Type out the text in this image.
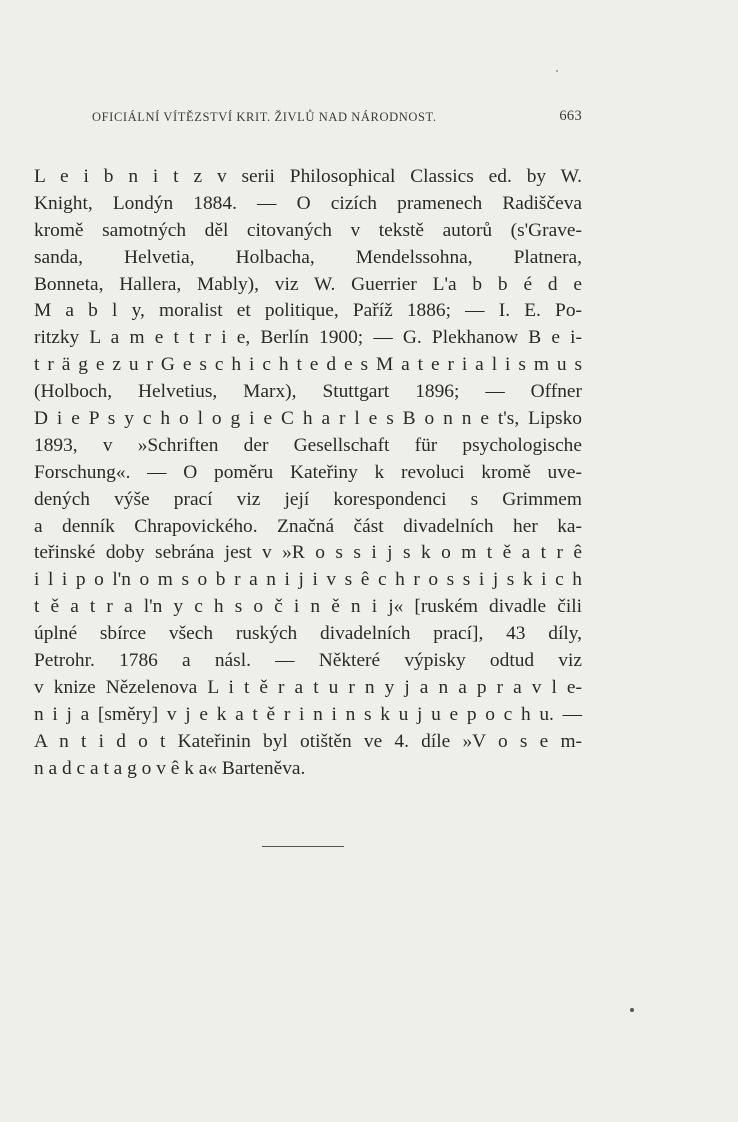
OFICIÁLNÍ VÍTĚZSTVÍ KRIT. ŽIVLŮ NAD NÁRODNOST.	663
L e i b n i t z v serii Philosophical Classics ed. by W.
Knight, Londýn 1884. — O cizích pramenech Radiščeva
kromě samotných děl citovaných v tekstě autorů (s'Grave-
sanda, Helvetia, Holbacha, Mendelssohna, Platnera,
Bonneta, Hallera, Mably), viz W. Guerrier L'a b b é d e
M a b l y, moralist et politique, Paříž 1886; — I. E. Po-
ritzky L a m e t t r i e, Berlín 1900; — G. Plekhanow B e i-
t r ä g e z u r G e s c h i c h t e d e s M a t e r i a l i s m u s
(Holboch, Helvetius, Marx), Stuttgart 1896; — Offner
D i e P s y c h o l o g i e C h a r l e s B o n n e t's, Lipsko
1893, v »Schriften der Gesellschaft für psychologische
Forschung«. — O poměru Kateřiny k revoluci kromě uve-
dených výše prací viz její korespondenci s Grimmem
a denník Chrapovického. Značná část divadelních her ka-
teřinské doby sebrána jest v »R o s s i j s k o m t ě a t r ê
i l i p o l'n o m s o b r a n i j i v s ê c h r o s s i j s k i c h
t ě a t r a l'n y c h s o č i n ě n i j« [ruském divadle čili
úplné sbírce všech ruských divadelních prací], 43 díly,
Petrohr. 1786 a násl. — Některé výpisky odtud viz
v knize Nězelenova L i t ě r a t u r n y j a n a p r a v l e-
n i j a [směry] v j e k a t ě r i n i n s k u j u e p o c h u. —
A n t i d o t Kateřinin byl otištěn ve 4. díle »V o s e m-
n a d c a t a g o v ê k a« Barteněva.
